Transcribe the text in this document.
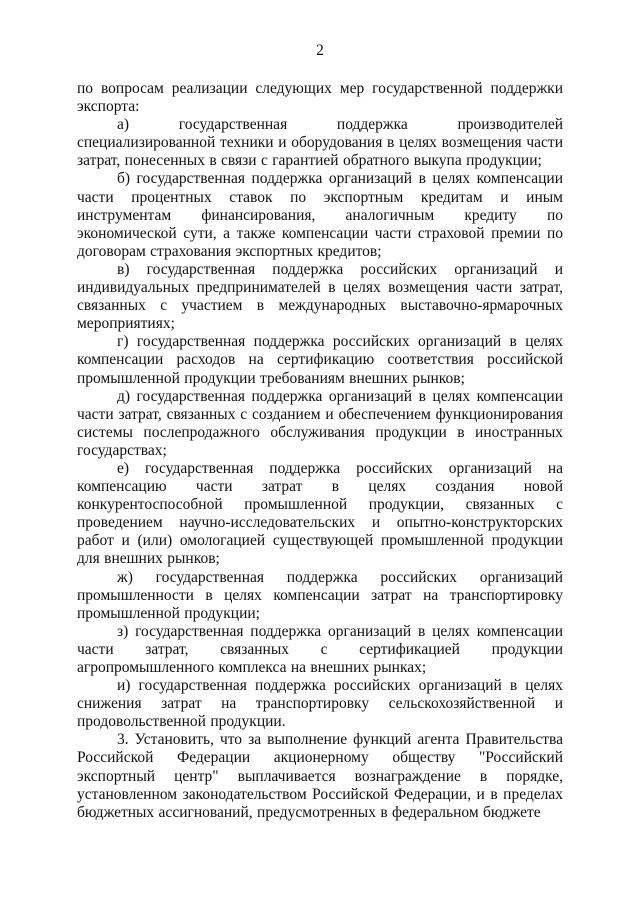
2

по вопросам реализации следующих мер государственной поддержки экспорта:

а) государственная поддержка производителей специализированной техники и оборудования в целях возмещения части затрат, понесенных в связи с гарантией обратного выкупа продукции;

б) государственная поддержка организаций в целях компенсации части процентных ставок по экспортным кредитам и иным инструментам финансирования, аналогичным кредиту по экономической сути, а также компенсации части страховой премии по договорам страхования экспортных кредитов;

в) государственная поддержка российских организаций и индивидуальных предпринимателей в целях возмещения части затрат, связанных с участием в международных выставочно-ярмарочных мероприятиях;

г) государственная поддержка российских организаций в целях компенсации расходов на сертификацию соответствия российской промышленной продукции требованиям внешних рынков;

д) государственная поддержка организаций в целях компенсации части затрат, связанных с созданием и обеспечением функционирования системы послепродажного обслуживания продукции в иностранных государствах;

е) государственная поддержка российских организаций на компенсацию части затрат в целях создания новой конкурентоспособной промышленной продукции, связанных с проведением научно-исследовательских и опытно-конструкторских работ и (или) омологацией существующей промышленной продукции для внешних рынков;

ж) государственная поддержка российских организаций промышленности в целях компенсации затрат на транспортировку промышленной продукции;

з) государственная поддержка организаций в целях компенсации части затрат, связанных с сертификацией продукции агропромышленного комплекса на внешних рынках;

и) государственная поддержка российских организаций в целях снижения затрат на транспортировку сельскохозяйственной и продовольственной продукции.

3. Установить, что за выполнение функций агента Правительства Российской Федерации акционерному обществу "Российский экспортный центр" выплачивается вознаграждение в порядке, установленном законодательством Российской Федерации, и в пределах бюджетных ассигнований, предусмотренных в федеральном бюджете
